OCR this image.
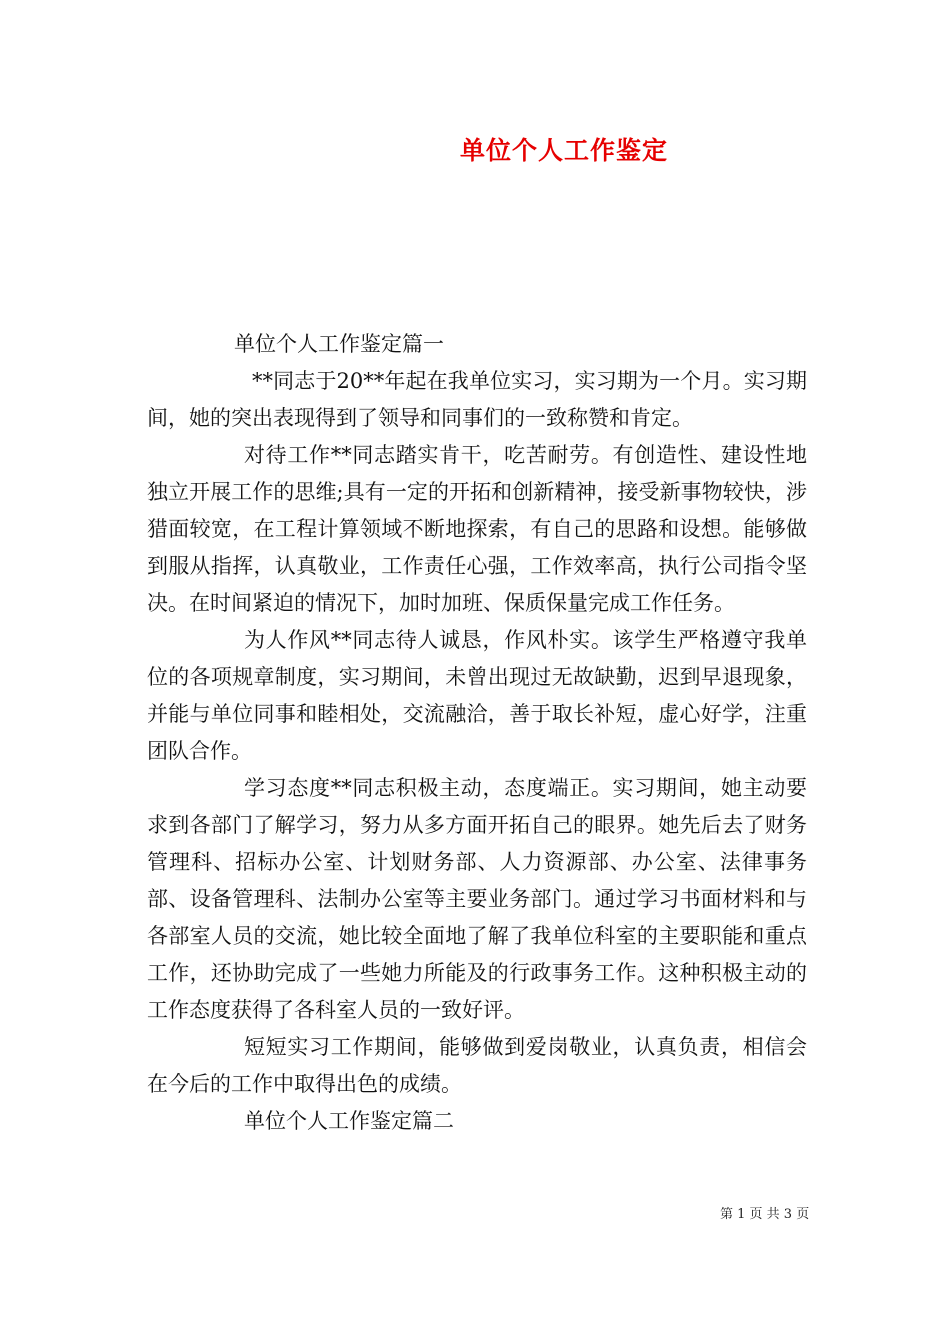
单位个人工作鉴定

单位个人工作鉴定篇一

**同志于20**年起在我单位实习，实习期为一个月。实习期间，她的突出表现得到了领导和同事们的一致称赞和肯定。

对待工作**同志踏实肯干，吃苦耐劳。有创造性、建设性地独立开展工作的思维;具有一定的开拓和创新精神，接受新事物较快，涉猎面较宽，在工程计算领域不断地探索，有自己的思路和设想。能够做到服从指挥，认真敬业，工作责任心强，工作效率高，执行公司指令坚决。在时间紧迫的情况下，加时加班、保质保量完成工作任务。

为人作风**同志待人诚恳，作风朴实。该学生严格遵守我单位的各项规章制度，实习期间，未曾出现过无故缺勤，迟到早退现象，并能与单位同事和睦相处，交流融洽，善于取长补短，虚心好学，注重团队合作。

学习态度**同志积极主动，态度端正。实习期间，她主动要求到各部门了解学习，努力从多方面开拓自己的眼界。她先后去了财务管理科、招标办公室、计划财务部、人力资源部、办公室、法律事务部、设备管理科、法制办公室等主要业务部门。通过学习书面材料和与各部室人员的交流，她比较全面地了解了我单位科室的主要职能和重点工作，还协助完成了一些她力所能及的行政事务工作。这种积极主动的工作态度获得了各科室人员的一致好评。

短短实习工作期间，能够做到爱岗敬业，认真负责，相信会在今后的工作中取得出色的成绩。

单位个人工作鉴定篇二

第 1 页 共 3 页
